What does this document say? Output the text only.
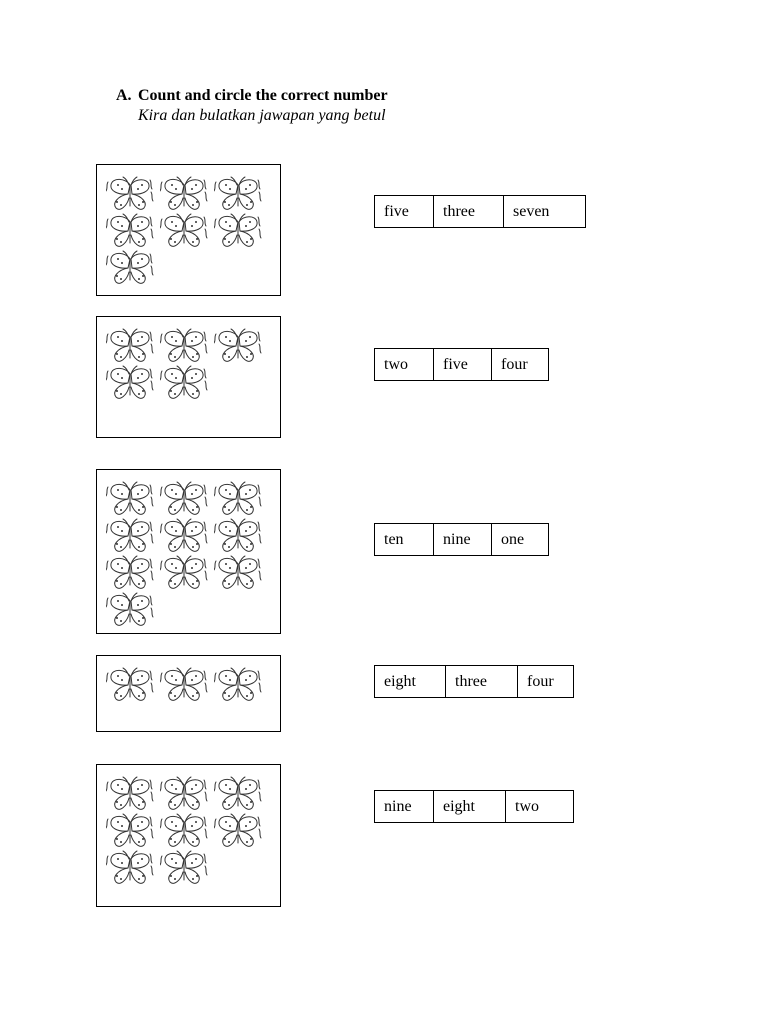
A. Count and circle the correct number
Kira dan bulatkan jawapan yang betul
five	three	seven
two	five	four
ten	nine	one
eight	three	four
nine	eight	two
